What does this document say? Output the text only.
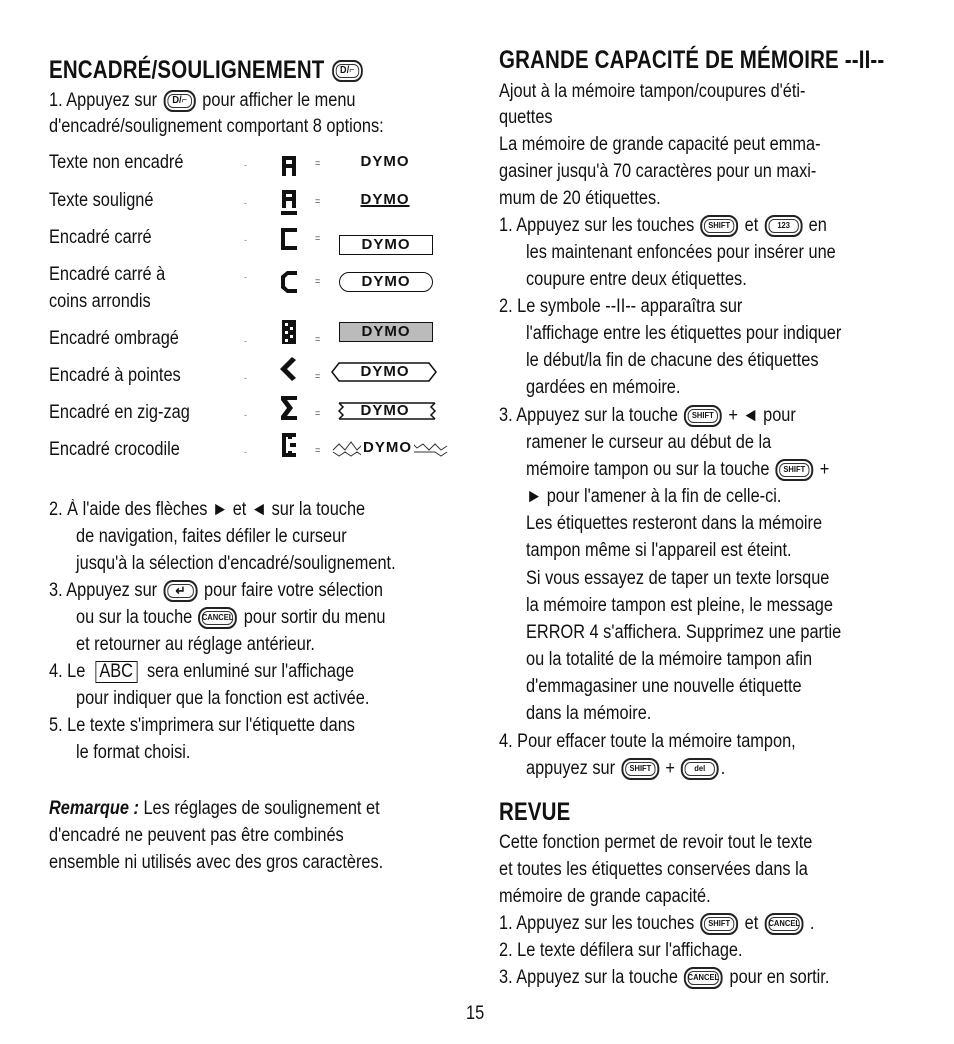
ENCADRÉ/SOULIGNEMENT D/⌐
1. Appuyez sur D/⌐ pour afficher le menu
d'encadré/soulignement comportant 8 options:
Texte non encadré	-	=	DYMO
Texte souligné	-	=	DYMO
Encadré carré	-	=	DYMO
Encadré carré à
coins arrondis
-	=	DYMO
Encadré ombragé	-	=	DYMO
Encadré à pointes	-	=	DYMO
Encadré en zig-zag	-	=	DYMO
Encadré crocodile	-	=	DYMO
2. À l'aide des flèches ► et ◄ sur la touche
de navigation, faites défiler le curseur
jusqu'à la sélection d'encadré/soulignement.
3. Appuyez sur ↵ pour faire votre sélection
ou sur la touche CANCEL pour sortir du menu
et retourner au réglage antérieur.
4. Le ABC sera enluminé sur l'affichage
pour indiquer que la fonction est activée.
5. Le texte s'imprimera sur l'étiquette dans
le format choisi.
Remarque : Les réglages de soulignement et
d'encadré ne peuvent pas être combinés
ensemble ni utilisés avec des gros caractères.
GRANDE CAPACITÉ DE MÉMOIRE --II--
Ajout à la mémoire tampon/coupures d'éti-
quettes
La mémoire de grande capacité peut emma-
gasiner jusqu'à 70 caractères pour un maxi-
mum de 20 étiquettes.
1. Appuyez sur les touches SHIFT et 123 en
les maintenant enfoncées pour insérer une
coupure entre deux étiquettes.
2. Le symbole --II-- apparaîtra sur
l'affichage entre les étiquettes pour indiquer
le début/la fin de chacune des étiquettes
gardées en mémoire.
3. Appuyez sur la touche SHIFT + ◄ pour
ramener le curseur au début de la
mémoire tampon ou sur la touche SHIFT +
► pour l'amener à la fin de celle-ci.
Les étiquettes resteront dans la mémoire
tampon même si l'appareil est éteint.
Si vous essayez de taper un texte lorsque
la mémoire tampon est pleine, le message
ERROR 4 s'affichera. Supprimez une partie
ou la totalité de la mémoire tampon afin
d'emmagasiner une nouvelle étiquette
dans la mémoire.
4. Pour effacer toute la mémoire tampon,
appuyez sur SHIFT + del .
REVUE
Cette fonction permet de revoir tout le texte
et toutes les étiquettes conservées dans la
mémoire de grande capacité.
1. Appuyez sur les touches SHIFT et CANCEL .
2. Le texte défilera sur l'affichage.
3. Appuyez sur la touche CANCEL pour en sortir.
15
